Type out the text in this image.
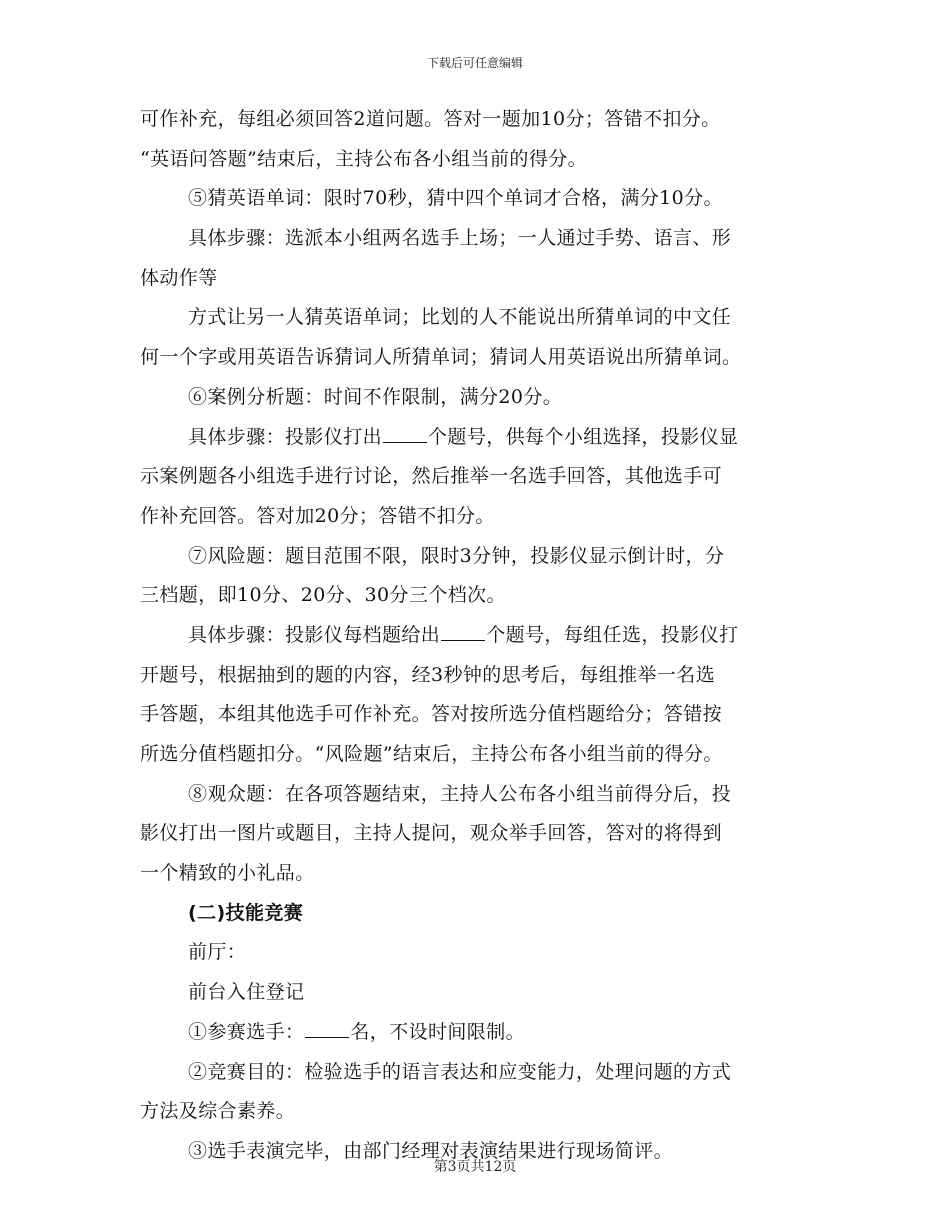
下载后可任意编辑
可作补充，每组必须回答2道问题。答对一题加10分；答错不扣分。
“英语问答题”结束后，主持公布各小组当前的得分。
⑤猜英语单词：限时70秒，猜中四个单词才合格，满分10分。
具体步骤：选派本小组两名选手上场；一人通过手势、语言、形
体动作等
方式让另一人猜英语单词；比划的人不能说出所猜单词的中文任
何一个字或用英语告诉猜词人所猜单词；猜词人用英语说出所猜单词。
⑥案例分析题：时间不作限制，满分20分。
具体步骤：投影仪打出 个题号，供每个小组选择，投影仪显
示案例题各小组选手进行讨论，然后推举一名选手回答，其他选手可
作补充回答。答对加20分；答错不扣分。
⑦风险题：题目范围不限，限时3分钟，投影仪显示倒计时，分
三档题，即10分、20分、30分三个档次。
具体步骤：投影仪每档题给出 个题号，每组任选，投影仪打
开题号，根据抽到的题的内容，经3秒钟的思考后，每组推举一名选
手答题，本组其他选手可作补充。答对按所选分值档题给分；答错按
所选分值档题扣分。“风险题”结束后，主持公布各小组当前的得分。
⑧观众题：在各项答题结束，主持人公布各小组当前得分后，投
影仪打出一图片或题目，主持人提问，观众举手回答，答对的将得到
一个精致的小礼品。
(二)技能竞赛
前厅：
前台入住登记
①参赛选手： 名，不设时间限制。
②竞赛目的：检验选手的语言表达和应变能力，处理问题的方式
方法及综合素养。
③选手表演完毕，由部门经理对表演结果进行现场简评。
第3页共12页
